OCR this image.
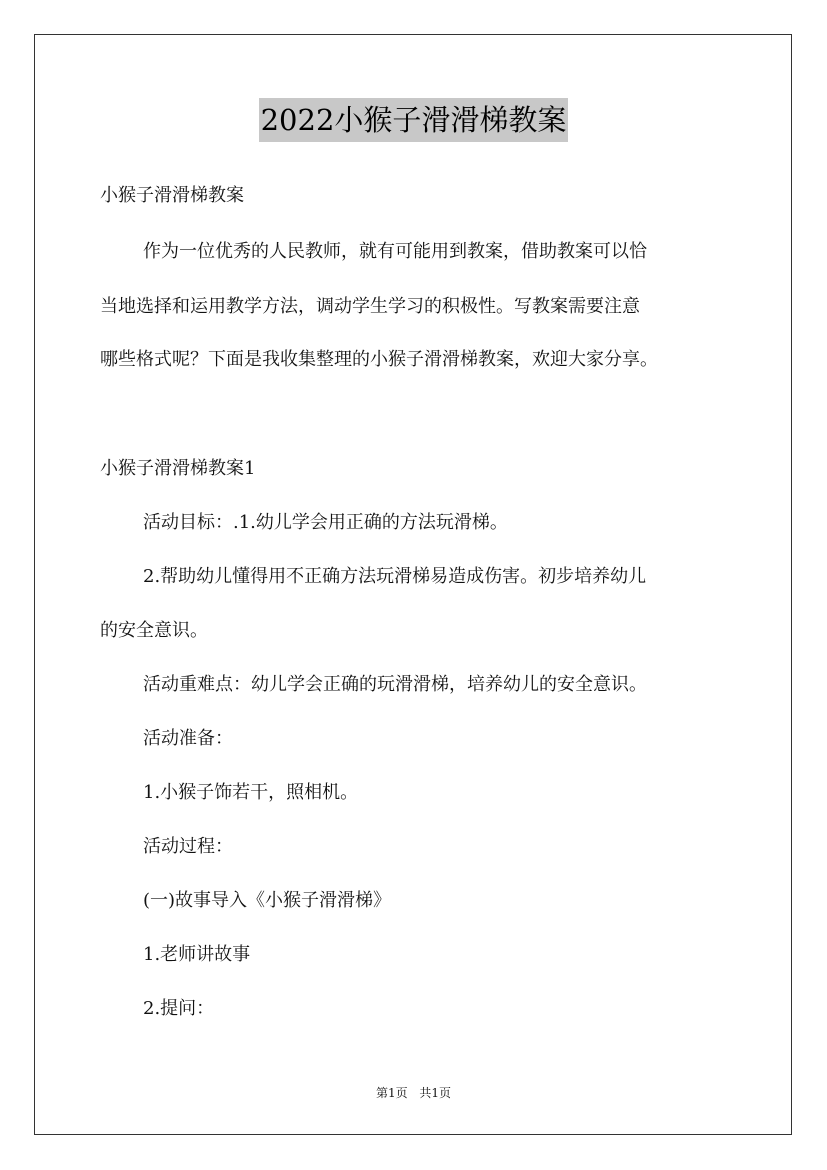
2022小猴子滑滑梯教案

小猴子滑滑梯教案

作为一位优秀的人民教师，就有可能用到教案，借助教案可以恰

当地选择和运用教学方法，调动学生学习的积极性。写教案需要注意

哪些格式呢？下面是我收集整理的小猴子滑滑梯教案，欢迎大家分享。

小猴子滑滑梯教案1

活动目标：.1.幼儿学会用正确的方法玩滑梯。

2.帮助幼儿懂得用不正确方法玩滑梯易造成伤害。初步培养幼儿

的安全意识。

活动重难点：幼儿学会正确的玩滑滑梯，培养幼儿的安全意识。

活动准备：

1.小猴子饰若干，照相机。

活动过程：

(一)故事导入《小猴子滑滑梯》

1.老师讲故事

2.提问：

第1页 共1页
